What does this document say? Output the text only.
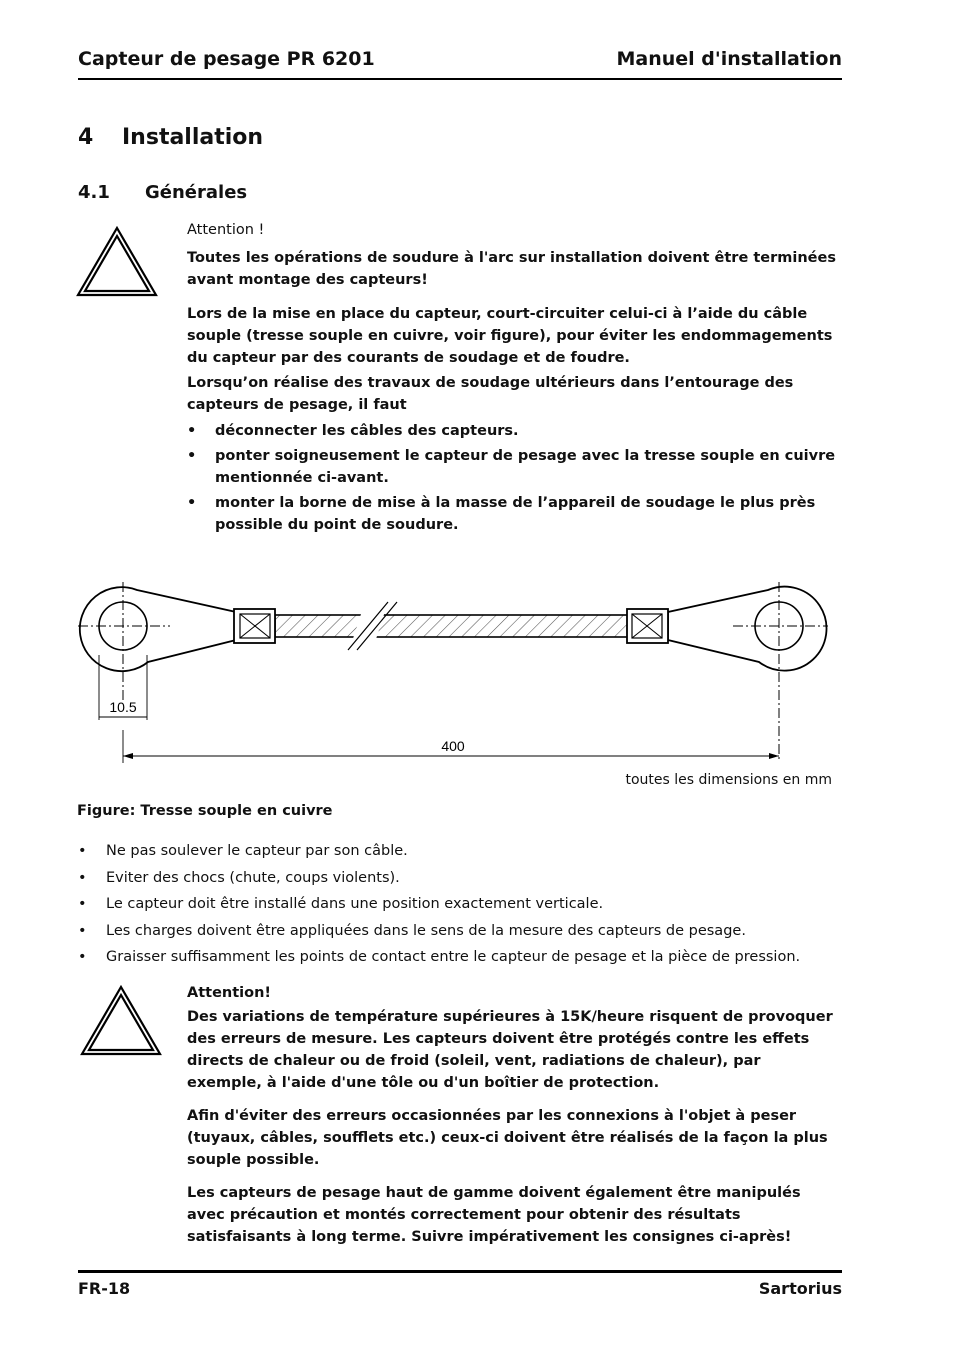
Capteur de pesage PR 6201	Manuel d'installation
4 Installation
4.1 Générales

Attention !

Toutes les opérations de soudure à l'arc sur installation doivent être terminées avant montage des capteurs!

Lors de la mise en place du capteur, court-circuiter celui-ci à l’aide du câble souple (tresse souple en cuivre, voir figure), pour éviter les endommagements du capteur par des courants de soudage et de foudre.

Lorsqu’on réalise des travaux de soudage ultérieurs dans l’entourage des capteurs de pesage, il faut

• déconnecter les câbles des capteurs.
• ponter soigneusement le capteur de pesage avec la tresse souple en cuivre mentionnée ci-avant.
• monter la borne de mise à la masse de l’appareil de soudage le plus près possible du point de soudure.
10.5
400
toutes les dimensions en mm
Figure: Tresse souple en cuivre
• Ne pas soulever le capteur par son câble.
• Eviter des chocs (chute, coups violents).
• Le capteur doit être installé dans une position exactement verticale.
• Les charges doivent être appliquées dans le sens de la mesure des capteurs de pesage.
• Graisser suffisamment les points de contact entre le capteur de pesage et la pièce de pression.

Attention!

Des variations de température supérieures à 15K/heure risquent de provoquer des erreurs de mesure. Les capteurs doivent être protégés contre les effets directs de chaleur ou de froid (soleil, vent, radiations de chaleur), par exemple, à l'aide d'une tôle ou d'un boîtier de protection.

Afin d'éviter des erreurs occasionnées par les connexions à l'objet à peser (tuyaux, câbles, soufflets etc.) ceux-ci doivent être réalisés de la façon la plus souple possible.

Les capteurs de pesage haut de gamme doivent également être manipulés avec précaution et montés correctement pour obtenir des résultats satisfaisants à long terme. Suivre impérativement les consignes ci-après!

FR-18	Sartorius
